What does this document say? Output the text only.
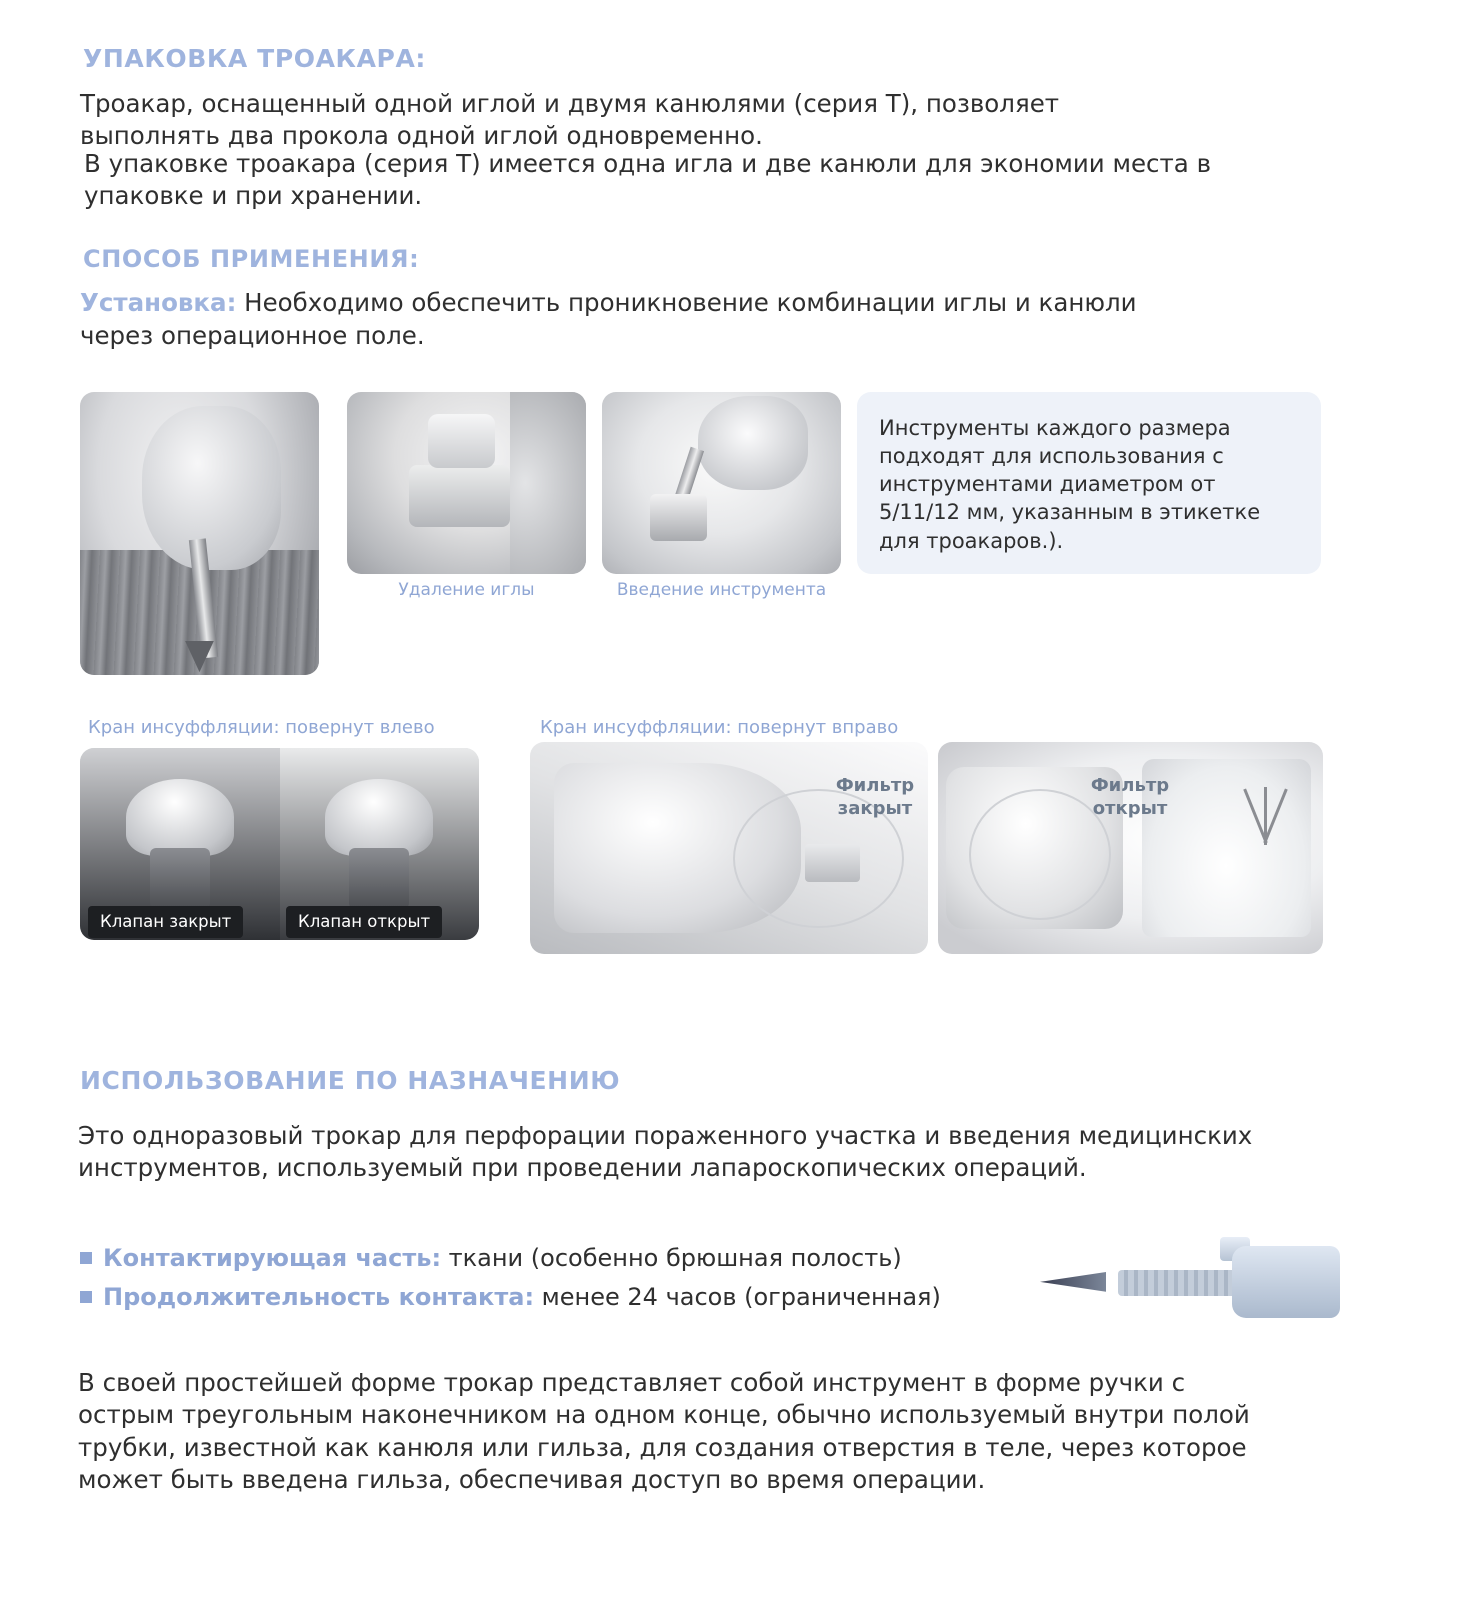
УПАКОВКА ТРОАКАРА:
Троакар, оснащенный одной иглой и двумя канюлями (серия Т), позволяет выполнять два прокола одной иглой одновременно.
В упаковке троакара (серия Т) имеется одна игла и две канюли для экономии места в упаковке и при хранении.
СПОСОБ ПРИМЕНЕНИЯ:
Установка: Необходимо обеспечить проникновение комбинации иглы и канюли через операционное поле.
Удаление иглы	Введение инструмента
Инструменты каждого размера подходят для использования с инструментами диаметром от 5/11/12 мм, указанным в этикетке для троакаров.).
Кран инсуффляции: повернут влево	Кран инсуффляции: повернут вправо
Клапан закрыт	Клапан открыт
Фильтр закрыт
Фильтр открыт
ИСПОЛЬЗОВАНИЕ ПО НАЗНАЧЕНИЮ
Это одноразовый трокар для перфорации пораженного участка и введения медицинских инструментов, используемый при проведении лапароскопических операций.
Контактирующая часть: ткани (особенно брюшная полость)
Продолжительность контакта: менее 24 часов (ограниченная)
В своей простейшей форме трокар представляет собой инструмент в форме ручки с острым треугольным наконечником на одном конце, обычно используемый внутри полой трубки, известной как канюля или гильза, для создания отверстия в теле, через которое может быть введена гильза, обеспечивая доступ во время операции.
